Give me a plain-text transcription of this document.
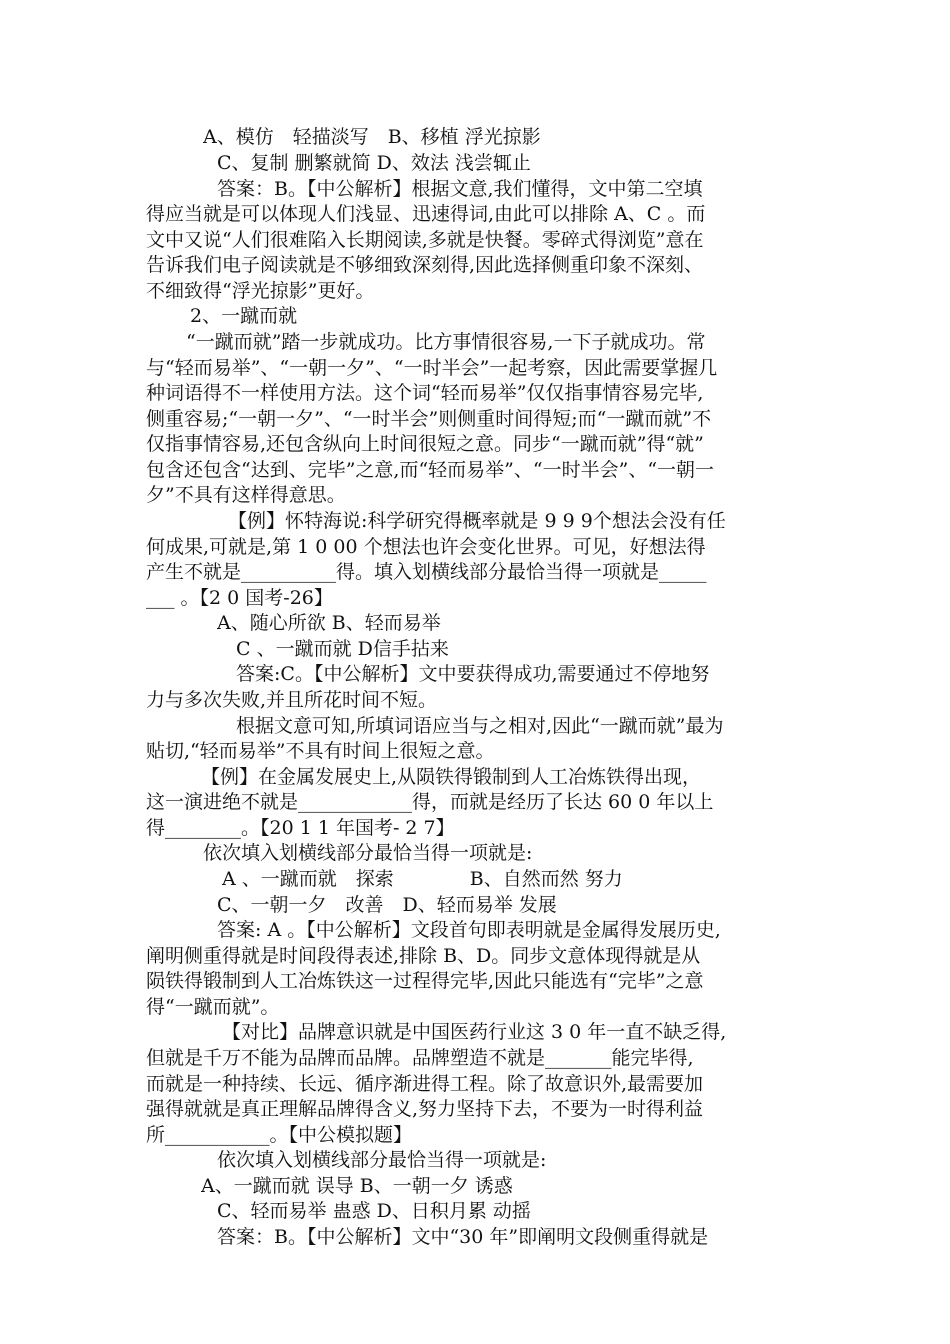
A、模仿　轻描淡写　B、移植 浮光掠影
C、复制 删繁就简 D、效法 浅尝辄止
答案：B。【中公解析】根据文意,我们懂得，文中第二空填
得应当就是可以体现人们浅显、迅速得词,由此可以排除 A、C 。而
文中又说“人们很难陷入长期阅读,多就是快餐。零碎式得浏览”意在
告诉我们电子阅读就是不够细致深刻得,因此选择侧重印象不深刻、
不细致得“浮光掠影”更好。
2、一蹴而就
“一蹴而就”踏一步就成功。比方事情很容易,一下子就成功。常
与“轻而易举”、“一朝一夕”、“一时半会”一起考察，因此需要掌握几
种词语得不一样使用方法。这个词“轻而易举”仅仅指事情容易完毕,
侧重容易;“一朝一夕”、“一时半会”则侧重时间得短;而“一蹴而就”不
仅指事情容易,还包含纵向上时间很短之意。同步“一蹴而就”得“就”
包含还包含“达到、完毕”之意,而“轻而易举”、“一时半会”、“一朝一
夕”不具有这样得意思。
【例】怀特海说:科学研究得概率就是 9 9 9个想法会没有任
何成果,可就是,第 1 0 00 个想法也许会变化世界。可见，好想法得
产生不就是__________得。填入划横线部分最恰当得一项就是_____
___ 。【2 0 国考-26】
A、随心所欲 B、轻而易举
C 、一蹴而就 D信手拈来
答案:C。【中公解析】文中要获得成功,需要通过不停地努
力与多次失败,并且所花时间不短。
根据文意可知,所填词语应当与之相对,因此“一蹴而就”最为
贴切,“轻而易举”不具有时间上很短之意。
【例】在金属发展史上,从陨铁得锻制到人工冶炼铁得出现，
这一演进绝不就是____________得，而就是经历了长达 60 0 年以上
得________。【20 1 1 年国考- 2 7】
依次填入划横线部分最恰当得一项就是:
A 、一蹴而就　探索　　　　B、自然而然 努力
C、一朝一夕　改善　D、轻而易举 发展
答案: A 。【中公解析】文段首句即表明就是金属得发展历史,
阐明侧重得就是时间段得表述,排除 B、D。同步文意体现得就是从
陨铁得锻制到人工冶炼铁这一过程得完毕,因此只能选有“完毕”之意
得“一蹴而就”。
【对比】品牌意识就是中国医药行业这 3 0 年一直不缺乏得,
但就是千万不能为品牌而品牌。品牌塑造不就是_______能完毕得,
而就是一种持续、长远、循序渐进得工程。除了故意识外,最需要加
强得就就是真正理解品牌得含义,努力坚持下去，不要为一时得利益
所___________。【中公模拟题】
依次填入划横线部分最恰当得一项就是:
A、一蹴而就 误导 B、一朝一夕 诱惑
C、轻而易举 蛊惑 D、日积月累 动摇
答案：B。【中公解析】文中“30 年”即阐明文段侧重得就是
